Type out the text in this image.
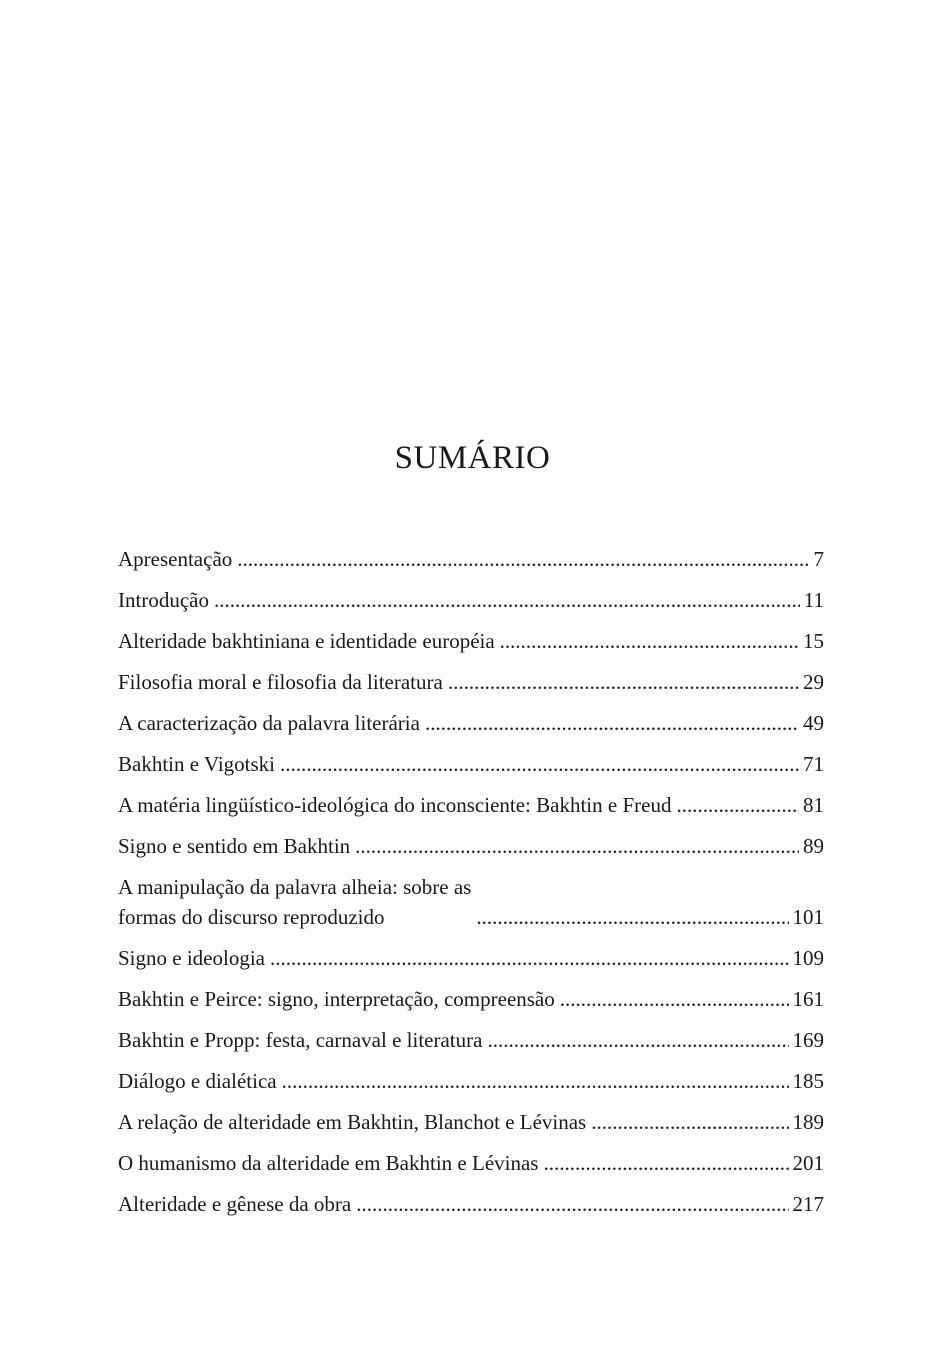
SUMÁRIO
Apresentação .....	7
Introdução .....	11
Alteridade bakhtiniana e identidade européia .....	15
Filosofia moral e filosofia da literatura .....	29
A caracterização da palavra literária .....	49
Bakhtin e Vigotski .....	71
A matéria lingüístico-ideológica do inconsciente: Bakhtin e Freud .....	81
Signo e sentido em Bakhtin .....	89
A manipulação da palavra alheia: sobre as
formas do discurso reproduzido .....	101
Signo e ideologia .....	109
Bakhtin e Peirce: signo, interpretação, compreensão .....	161
Bakhtin e Propp: festa, carnaval e literatura .....	169
Diálogo e dialética .....	185
A relação de alteridade em Bakhtin, Blanchot e Lévinas .....	189
O humanismo da alteridade em Bakhtin e Lévinas .....	201
Alteridade e gênese da obra .....	217
